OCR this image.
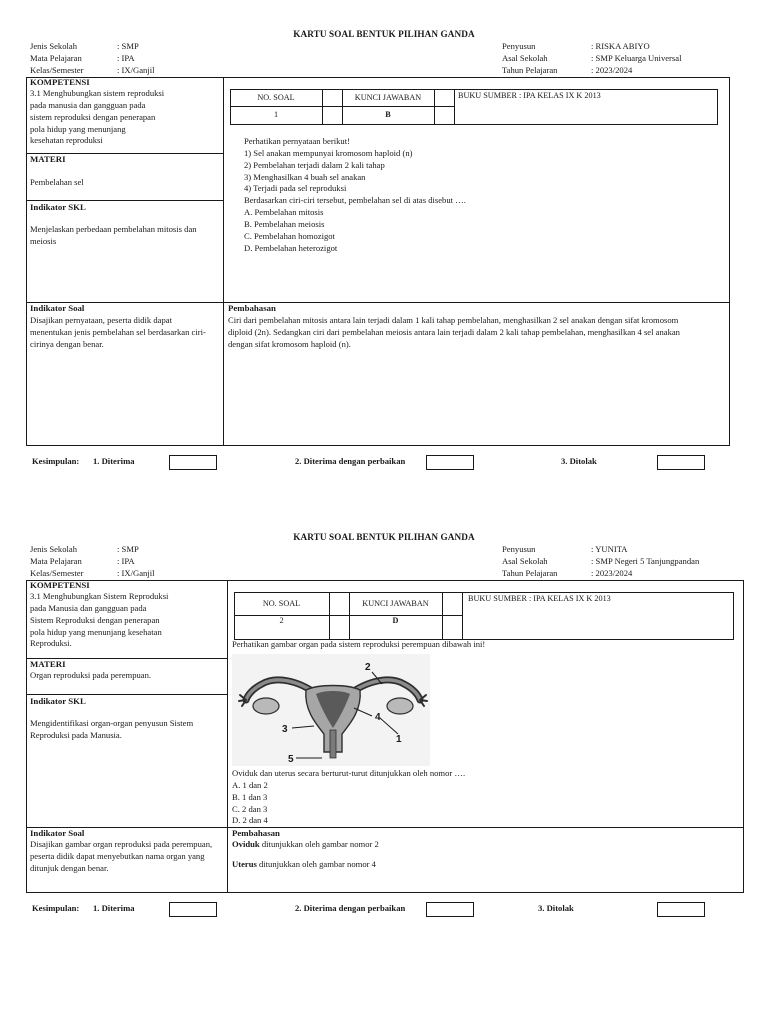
KARTU SOAL BENTUK PILIHAN GANDA
Jenis Sekolah	: SMP
Mata Pelajaran	: IPA
Kelas/Semester	: IX/Ganjil
Penyusun	: RISKA ABIYO
Asal Sekolah	: SMP Keluarga Universal
Tahun Pelajaran	: 2023/2024
KOMPETENSI
3.1 Menghubungkan sistem reproduksi
pada manusia dan gangguan pada
sistem reproduksi dengan penerapan
pola hidup yang menunjang
kesehatan reproduksi
MATERI
Pembelahan sel
Indikator SKL
Menjelaskan perbedaan pembelahan mitosis dan
meiosis
Indikator Soal
Disajikan pernyataan, peserta didik dapat
menentukan jenis pembelahan sel berdasarkan ciri-
cirinya dengan benar.
NO. SOAL
1
KUNCI JAWABAN
B
BUKU SUMBER : IPA KELAS IX K 2013
Perhatikan pernyataan berikut!
1) Sel anakan mempunyai kromosom haploid (n)
2) Pembelahan terjadi dalam 2 kali tahap
3) Menghasilkan 4 buah sel anakan
4) Terjadi pada sel reproduksi
Berdasarkan ciri-ciri tersebut, pembelahan sel di atas disebut ….
A. Pembelahan mitosis
B. Pembelahan meiosis
C. Pembelahan homozigot
D. Pembelahan heterozigot
Pembahasan
Ciri dari pembelahan mitosis antara lain terjadi dalam 1 kali tahap pembelahan, menghasilkan 2 sel anakan dengan sifat kromosom
diploid (2n). Sedangkan ciri dari pembelahan meiosis antara lain terjadi dalam 2 kali tahap pembelahan, menghasilkan 4 sel anakan
dengan sifat kromosom haploid (n).
Kesimpulan: 1. Diterima	2. Diterima dengan perbaikan	3. Ditolak
KARTU SOAL BENTUK PILIHAN GANDA
Jenis Sekolah	: SMP
Mata Pelajaran	: IPA
Kelas/Semester	: IX/Ganjil
Penyusun	: YUNITA
Asal Sekolah	: SMP Negeri 5 Tanjungpandan
Tahun Pelajaran	: 2023/2024
KOMPETENSI
3.1 Menghubungkan Sistem Reproduksi
pada Manusia dan gangguan pada
Sistem Reproduksi dengan penerapan
pola hidup yang menunjang kesehatan
Reproduksi.
MATERI
Organ reproduksi pada perempuan.
Indikator SKL
Mengidentifikasi organ-organ penyusun Sistem
Reproduksi pada Manusia.
Indikator Soal
Disajikan gambar organ reproduksi pada perempuan,
peserta didik dapat menyebutkan nama organ yang
ditunjuk dengan benar.
NO. SOAL
2
KUNCI JAWABAN
D
BUKU SUMBER : IPA KELAS IX K 2013
Perhatikan gambar organ pada sistem reproduksi perempuan dibawah ini!
1
2
3
4
5
Oviduk dan uterus secara berturut-turut ditunjukkan oleh nomor ….
A. 1 dan 2
B. 1 dan 3
C. 2 dan 3
D. 2 dan 4
Pembahasan
Oviduk ditunjukkan oleh gambar nomor 2
Uterus ditunjukkan oleh gambar nomor 4
Kesimpulan: 1. Diterima	2. Diterima dengan perbaikan	3. Ditolak
